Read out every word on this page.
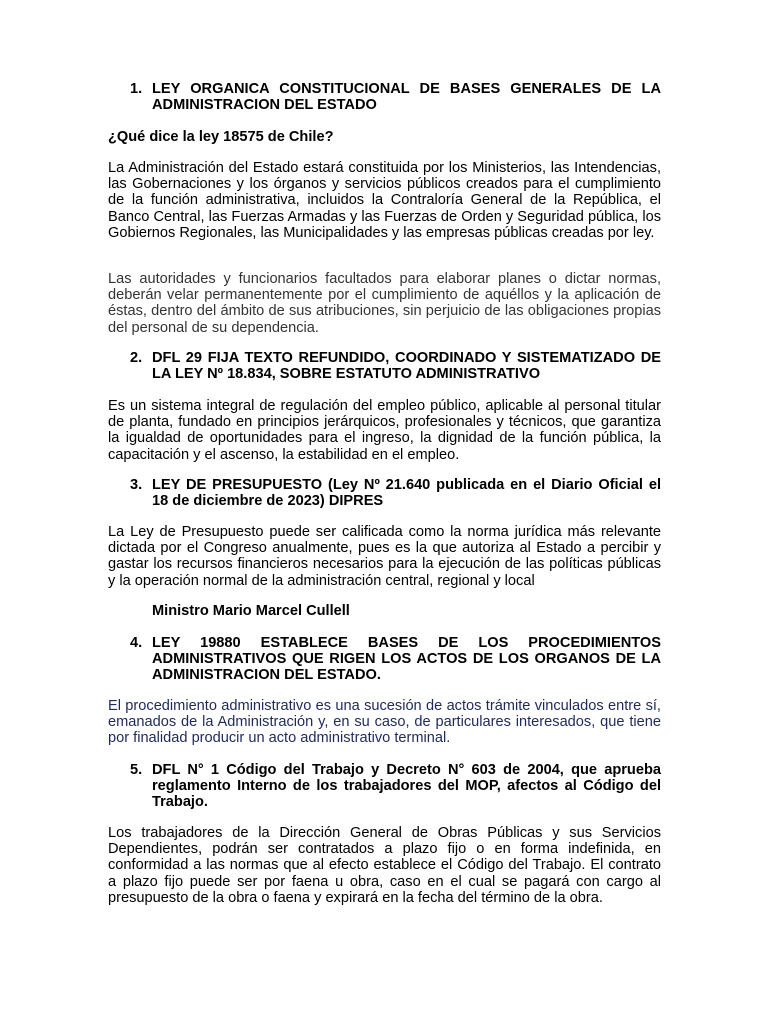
1. LEY ORGANICA CONSTITUCIONAL DE BASES GENERALES DE LA ADMINISTRACION DEL ESTADO

¿Qué dice la ley 18575 de Chile?

La Administración del Estado estará constituida por los Ministerios, las Intendencias, las Gobernaciones y los órganos y servicios públicos creados para el cumplimiento de la función administrativa, incluidos la Contraloría General de la República, el Banco Central, las Fuerzas Armadas y las Fuerzas de Orden y Seguridad pública, los Gobiernos Regionales, las Municipalidades y las empresas públicas creadas por ley.

Las autoridades y funcionarios facultados para elaborar planes o dictar normas, deberán velar permanentemente por el cumplimiento de aquéllos y la aplicación de éstas, dentro del ámbito de sus atribuciones, sin perjuicio de las obligaciones propias del personal de su dependencia.

2. DFL 29 FIJA TEXTO REFUNDIDO, COORDINADO Y SISTEMATIZADO DE LA LEY Nº 18.834, SOBRE ESTATUTO ADMINISTRATIVO

Es un sistema integral de regulación del empleo público, aplicable al personal titular de planta, fundado en principios jerárquicos, profesionales y técnicos, que garantiza la igualdad de oportunidades para el ingreso, la dignidad de la función pública, la capacitación y el ascenso, la estabilidad en el empleo.

3. LEY DE PRESUPUESTO (Ley Nº 21.640 publicada en el Diario Oficial el 18 de diciembre de 2023) DIPRES

La Ley de Presupuesto puede ser calificada como la norma jurídica más relevante dictada por el Congreso anualmente, pues es la que autoriza al Estado a percibir y gastar los recursos financieros necesarios para la ejecución de las políticas públicas y la operación normal de la administración central, regional y local

Ministro Mario Marcel Cullell

4. LEY 19880 ESTABLECE BASES DE LOS PROCEDIMIENTOS ADMINISTRATIVOS QUE RIGEN LOS ACTOS DE LOS ORGANOS DE LA ADMINISTRACION DEL ESTADO.

El procedimiento administrativo es una sucesión de actos trámite vinculados entre sí, emanados de la Administración y, en su caso, de particulares interesados, que tiene por finalidad producir un acto administrativo terminal.

5. DFL N° 1 Código del Trabajo y Decreto N° 603 de 2004, que aprueba reglamento Interno de los trabajadores del MOP, afectos al Código del Trabajo.

Los trabajadores de la Dirección General de Obras Públicas y sus Servicios Dependientes, podrán ser contratados a plazo fijo o en forma indefinida, en conformidad a las normas que al efecto establece el Código del Trabajo. El contrato a plazo fijo puede ser por faena u obra, caso en el cual se pagará con cargo al presupuesto de la obra o faena y expirará en la fecha del término de la obra.
